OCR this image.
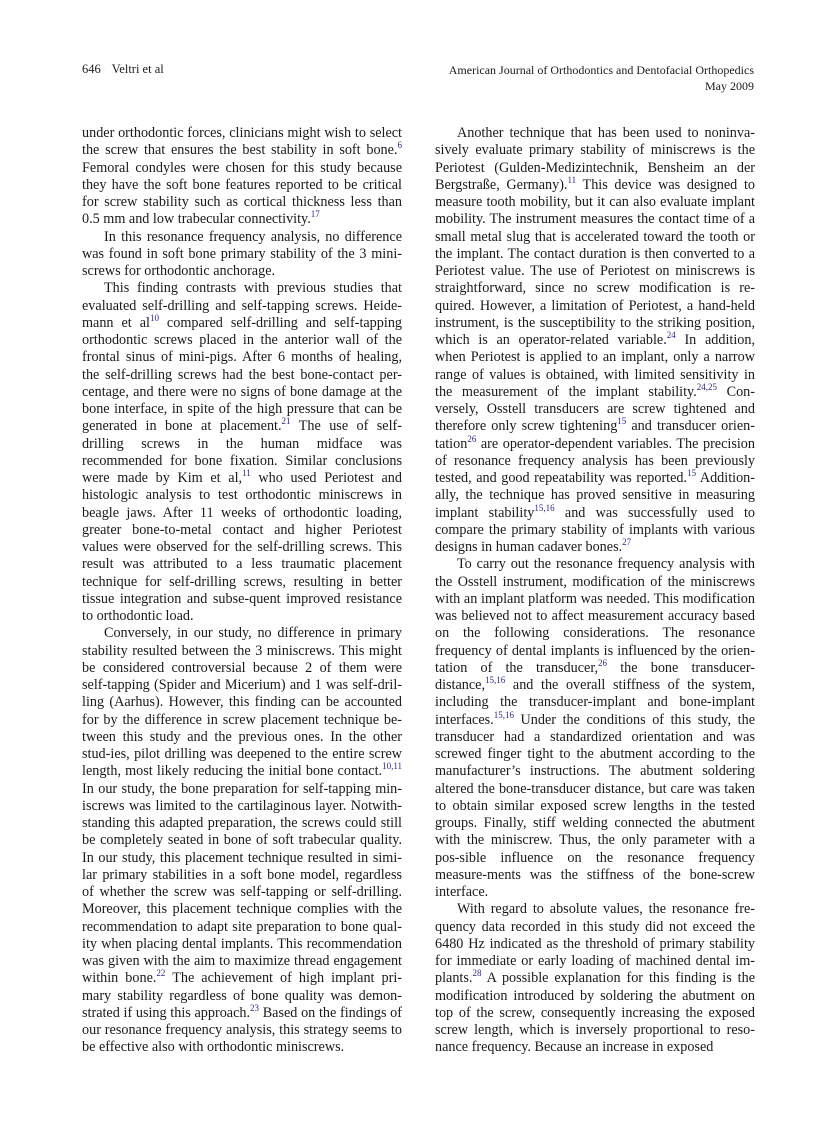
646 Veltri et al	American Journal of Orthodontics and Dentofacial Orthopedics
May 2009

under orthodontic forces, clinicians might wish to select the screw that ensures the best stability in soft bone.$^6$ Femoral condyles were chosen for this study because they have the soft bone features reported to be critical for screw stability such as cortical thickness less than 0.5 mm and low trabecular connectivity.$^{17}$

In this resonance frequency analysis, no difference was found in soft bone primary stability of the 3 mini-screws for orthodontic anchorage.

This finding contrasts with previous studies that evaluated self-drilling and self-tapping screws. Heide-mann et $al^{10}$ compared self-drilling and self-tapping orthodontic screws placed in the anterior wall of the frontal sinus of mini-pigs. After 6 months of healing, the self-drilling screws had the best bone-contact per-centage, and there were no signs of bone damage at the bone interface, in spite of the high pressure that can be generated in bone at placement.$^{21}$ The use of self-drilling screws in the human midface was recommended for bone fixation. Similar conclusions were made by Kim et al,$^{11}$ who used Periotest and histologic analysis to test orthodontic miniscrews in beagle jaws. After 11 weeks of orthodontic loading, greater bone-to-metal contact and higher Periotest values were observed for the self-drilling screws. This result was attributed to a less traumatic placement technique for self-drilling screws, resulting in better tissue integration and subse-quent improved resistance to orthodontic load.

Conversely, in our study, no difference in primary stability resulted between the 3 miniscrews. This might be considered controversial because 2 of them were self-tapping (Spider and Micerium) and 1 was self-dril-ling (Aarhus). However, this finding can be accounted for by the difference in screw placement technique be-tween this study and the previous ones. In the other stud-ies, pilot drilling was deepened to the entire screw length, most likely reducing the initial bone contact.$^{10,11}$ In our study, the bone preparation for self-tapping min-iscrews was limited to the cartilaginous layer. Notwith-standing this adapted preparation, the screws could still be completely seated in bone of soft trabecular quality. In our study, this placement technique resulted in simi-lar primary stabilities in a soft bone model, regardless of whether the screw was self-tapping or self-drilling. Moreover, this placement technique complies with the recommendation to adapt site preparation to bone qual-ity when placing dental implants. This recommendation was given with the aim to maximize thread engagement within bone.$^{22}$ The achievement of high implant pri-mary stability regardless of bone quality was demon-strated if using this approach.$^{23}$ Based on the findings of our resonance frequency analysis, this strategy seems to be effective also with orthodontic miniscrews.

Another technique that has been used to noninva-sively evaluate primary stability of miniscrews is the Periotest (Gulden-Medizintechnik, Bensheim an der Bergstraße, Germany).$^{11}$ This device was designed to measure tooth mobility, but it can also evaluate implant mobility. The instrument measures the contact time of a small metal slug that is accelerated toward the tooth or the implant. The contact duration is then converted to a Periotest value. The use of Periotest on miniscrews is straightforward, since no screw modification is re-quired. However, a limitation of Periotest, a hand-held instrument, is the susceptibility to the striking position, which is an operator-related variable.$^{24}$ In addition, when Periotest is applied to an implant, only a narrow range of values is obtained, with limited sensitivity in the measurement of the implant stability.$^{24,25}$ Con-versely, Osstell transducers are screw tightened and therefore only screw tightening$^{15}$ and transducer orien-tation$^{26}$ are operator-dependent variables. The precision of resonance frequency analysis has been previously tested, and good repeatability was reported.$^{15}$ Addition-ally, the technique has proved sensitive in measuring implant stability$^{15,16}$ and was successfully used to compare the primary stability of implants with various designs in human cadaver bones.$^{27}$

To carry out the resonance frequency analysis with the Osstell instrument, modification of the miniscrews with an implant platform was needed. This modification was believed not to affect measurement accuracy based on the following considerations. The resonance frequency of dental implants is influenced by the orien-tation of the transducer,$^{26}$ the bone transducer-distance,$^{15,16}$ and the overall stiffness of the system, including the transducer-implant and bone-implant interfaces.$^{15,16}$ Under the conditions of this study, the transducer had a standardized orientation and was screwed finger tight to the abutment according to the manufacturer’s instructions. The abutment soldering altered the bone-transducer distance, but care was taken to obtain similar exposed screw lengths in the tested groups. Finally, stiff welding connected the abutment with the miniscrew. Thus, the only parameter with a pos-sible influence on the resonance frequency measure-ments was the stiffness of the bone-screw interface.

With regard to absolute values, the resonance fre-quency data recorded in this study did not exceed the 6480 Hz indicated as the threshold of primary stability for immediate or early loading of machined dental im-plants.$^{28}$ A possible explanation for this finding is the modification introduced by soldering the abutment on top of the screw, consequently increasing the exposed screw length, which is inversely proportional to reso-nance frequency. Because an increase in exposed
